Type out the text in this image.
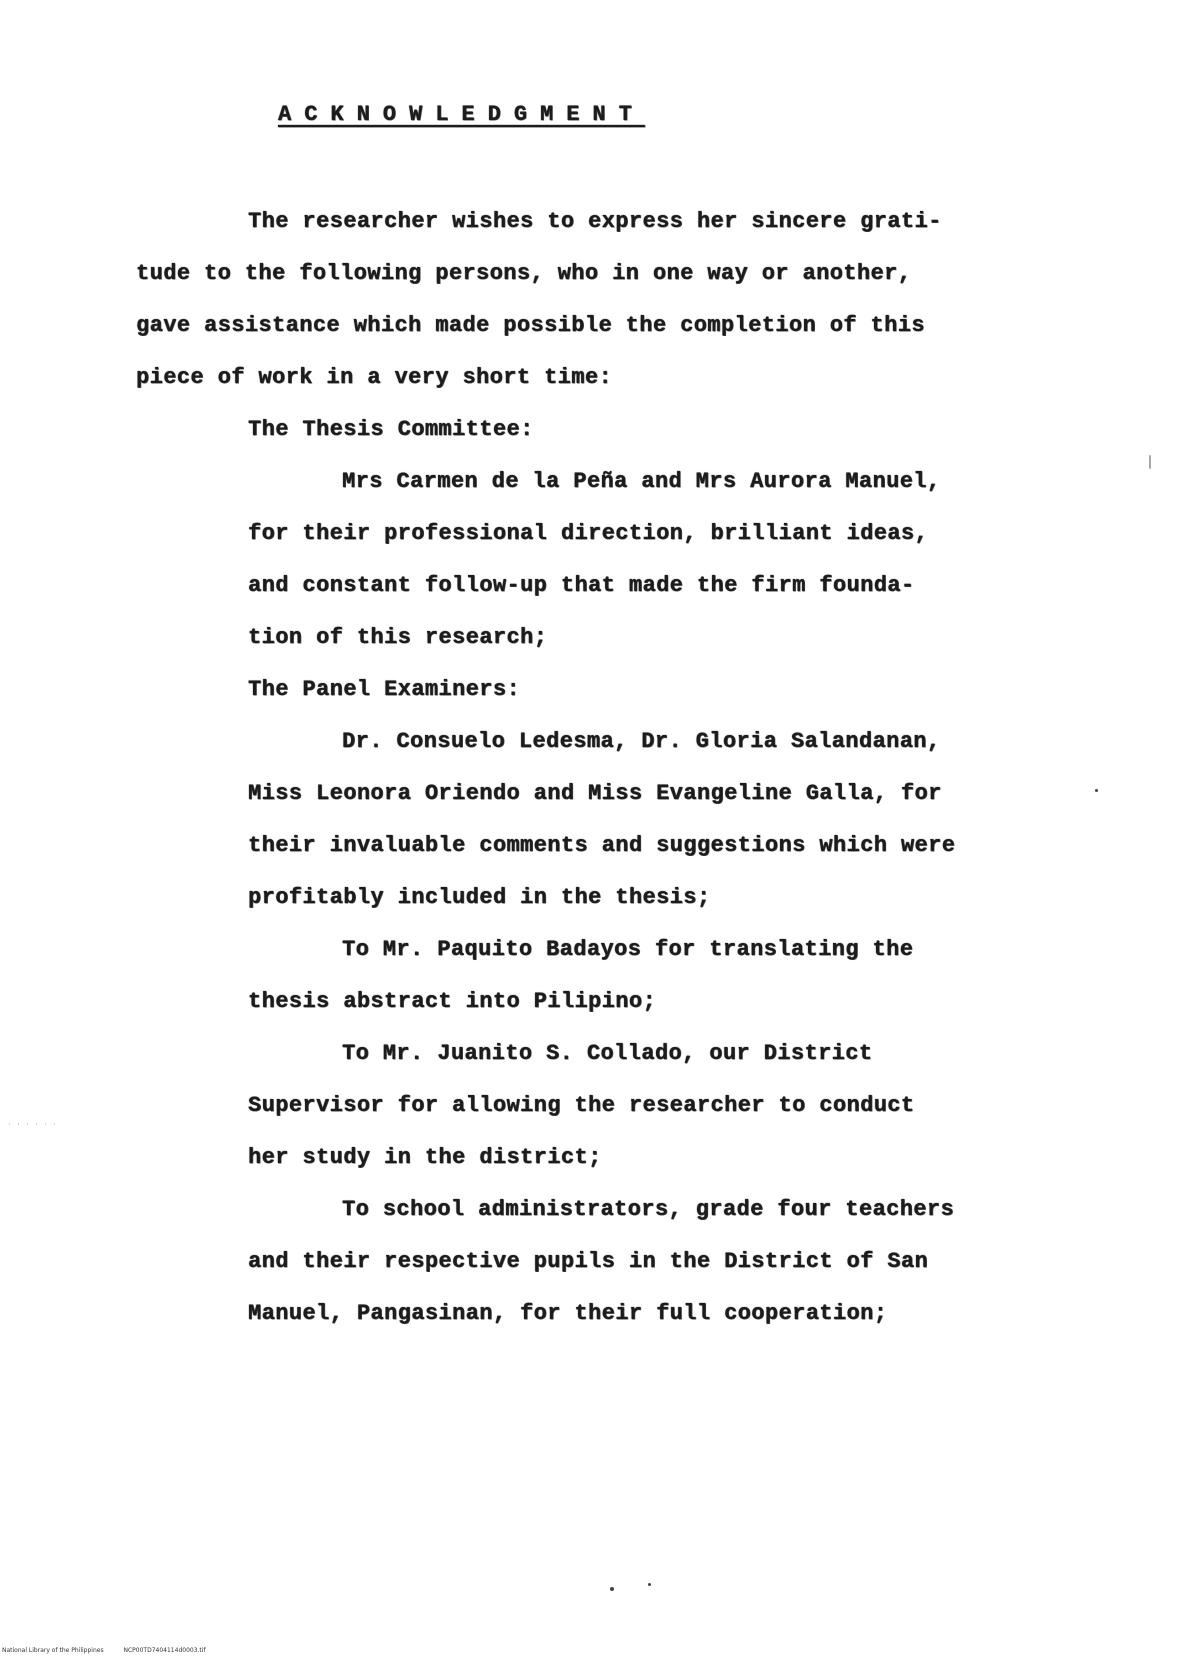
ACKNOWLEDGMENT
The researcher wishes to express her sincere grati-
tude to the following persons, who in one way or another,
gave assistance which made possible the completion of this
piece of work in a very short time:
The Thesis Committee:
Mrs Carmen de la Peña and Mrs Aurora Manuel,
for their professional direction, brilliant ideas,
and constant follow-up that made the firm founda-
tion of this research;
The Panel Examiners:
Dr. Consuelo Ledesma, Dr. Gloria Salandanan,
Miss Leonora Oriendo and Miss Evangeline Galla, for
their invaluable comments and suggestions which were
profitably included in the thesis;
To Mr. Paquito Badayos for translating the
thesis abstract into Pilipino;
To Mr. Juanito S. Collado, our District
Supervisor for allowing the researcher to conduct
her study in the district;
To school administrators, grade four teachers
and their respective pupils in the District of San
Manuel, Pangasinan, for their full cooperation;
· · · · · ·
National Library of the Philippines	NCP00TD7404114d0003.tif
